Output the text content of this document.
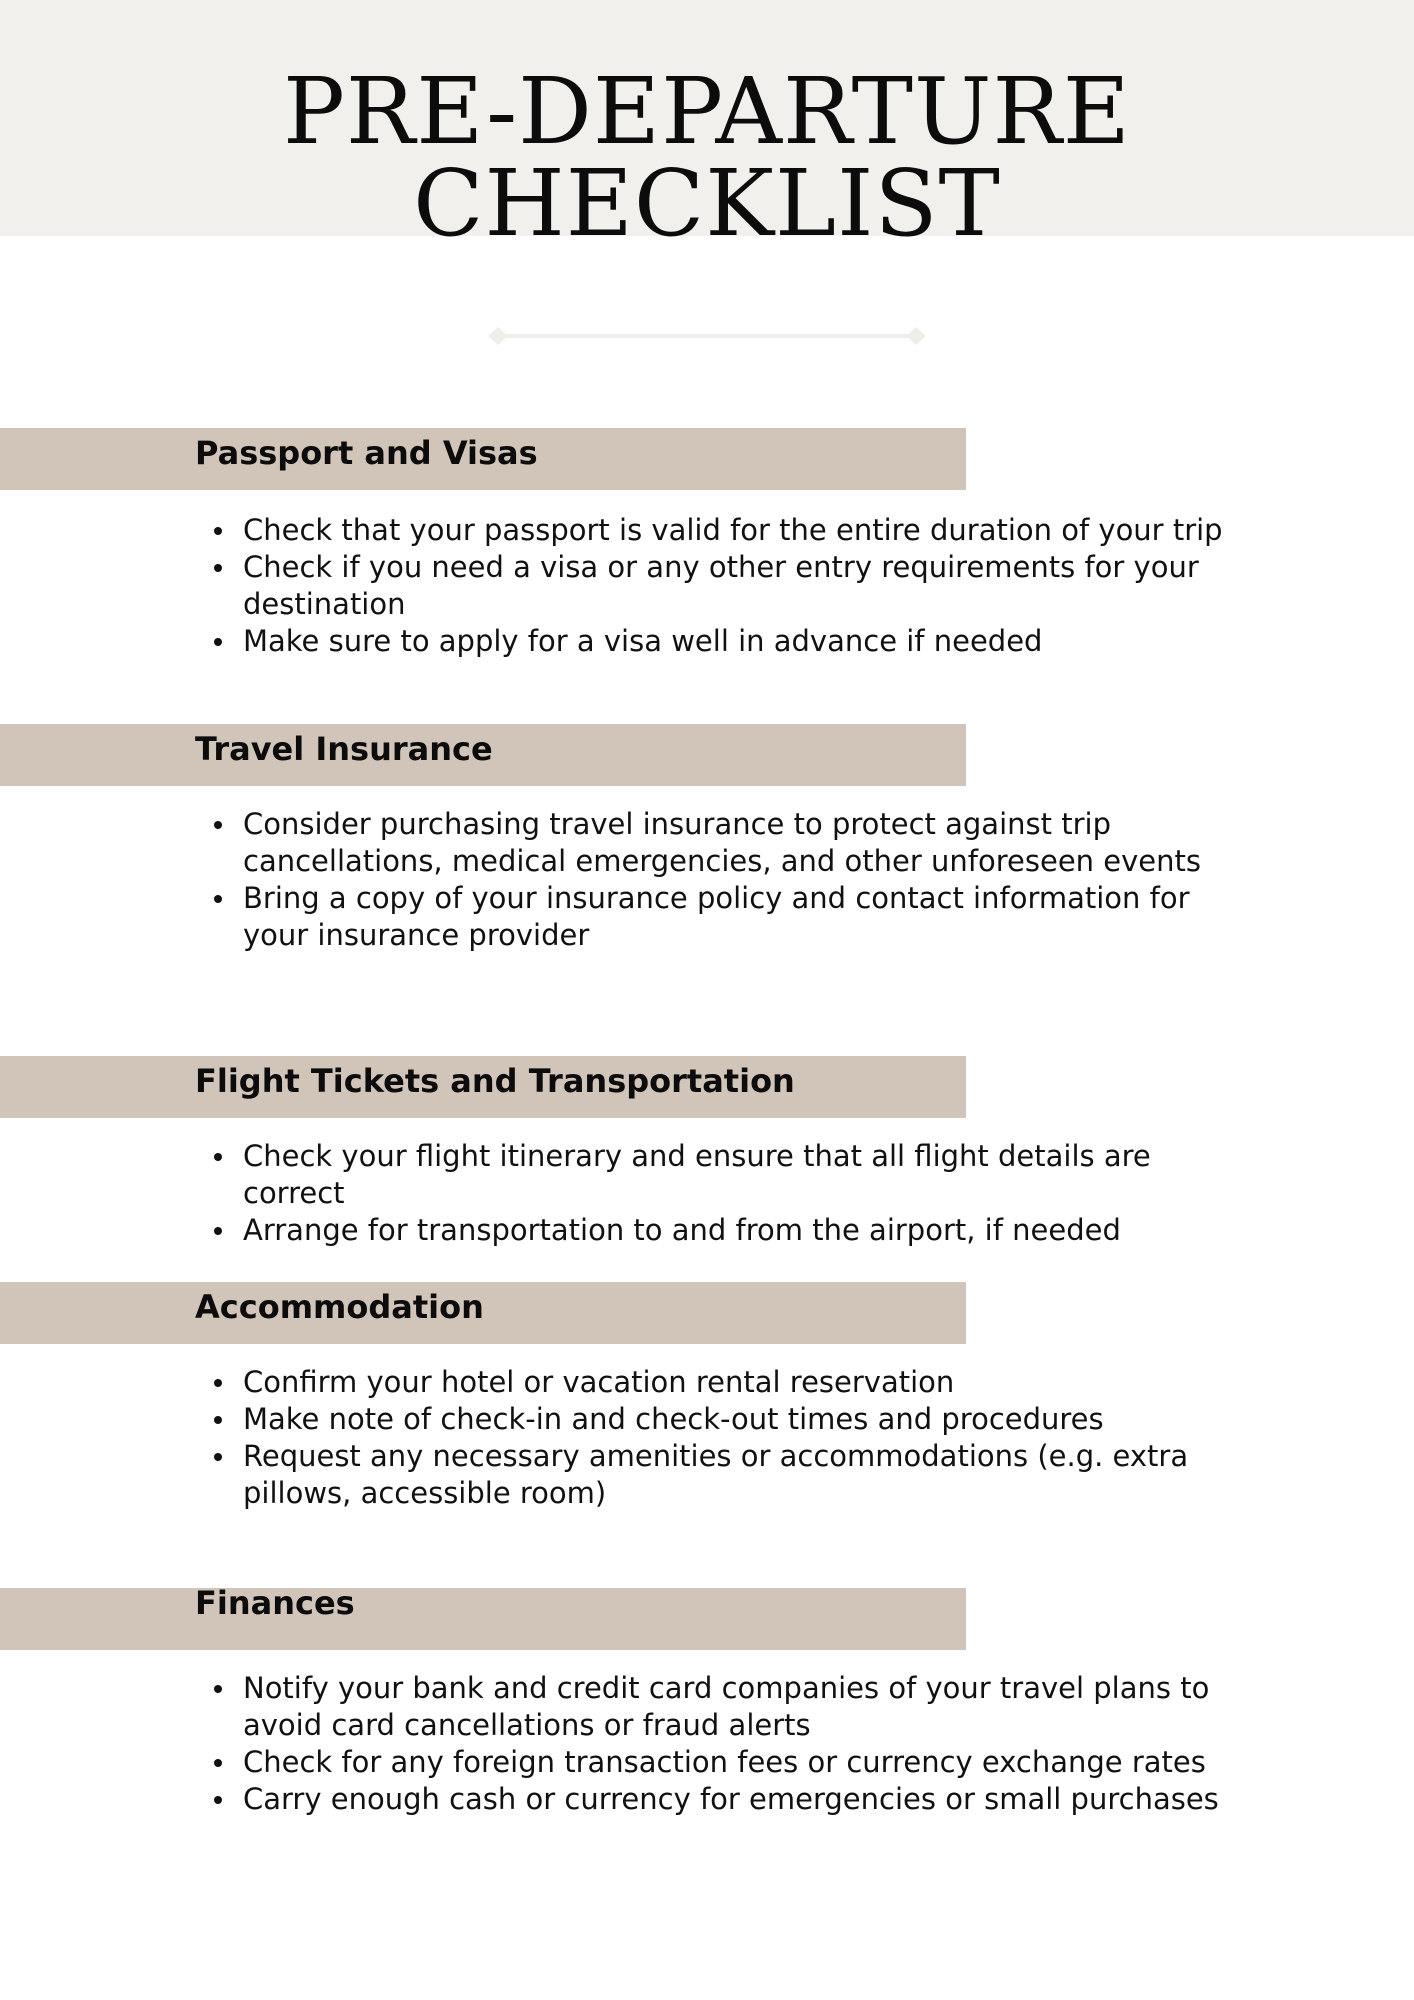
PRE-DEPARTURE CHECKLIST
Passport and Visas
Check that your passport is valid for the entire duration of your trip
Check if you need a visa or any other entry requirements for your destination
Make sure to apply for a visa well in advance if needed
Travel Insurance
Consider purchasing travel insurance to protect against trip cancellations, medical emergencies, and other unforeseen events
Bring a copy of your insurance policy and contact information for your insurance provider
Flight Tickets and Transportation
Check your flight itinerary and ensure that all flight details are correct
Arrange for transportation to and from the airport, if needed
Accommodation
Confirm your hotel or vacation rental reservation
Make note of check-in and check-out times and procedures
Request any necessary amenities or accommodations (e.g. extra pillows, accessible room)
Finances
Notify your bank and credit card companies of your travel plans to avoid card cancellations or fraud alerts
Check for any foreign transaction fees or currency exchange rates
Carry enough cash or currency for emergencies or small purchases
